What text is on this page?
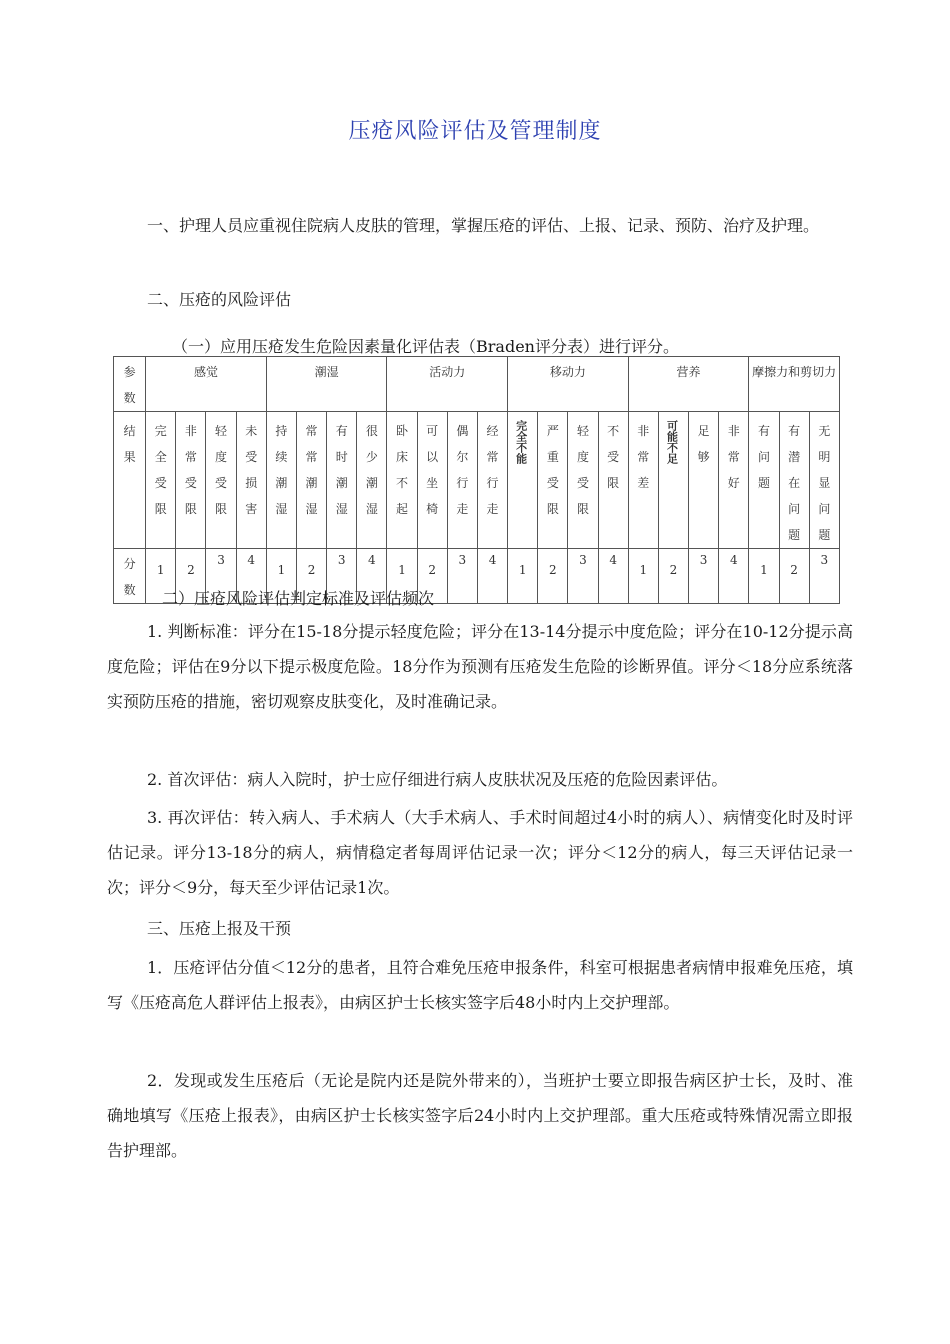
压疮风险评估及管理制度

一、护理人员应重视住院病人皮肤的管理，掌握压疮的评估、上报、记录、预防、治疗及护理。

二、压疮的风险评估

（一）应用压疮发生危险因素量化评估表（Braden评分表）进行评分。
参数	感觉				潮湿				活动力				移动力				营养				摩擦力和剪切力		
结果	完全受限	非常受限	轻度受限	未受损害	持续潮湿	常常潮湿	有时潮湿	很少潮湿	卧床不起	可以坐椅	偶尔行走	经常行走	完全不能	严重受限	轻度受限	不受限	非常差	可能不足	足够	非常好	有问题	有潜在问题	无明显问题
分数	1	2	3	4	1	2	3	4	1	2	3	4	1	2	3	4	1	2	3	4	1	2	3
二）压疮风险评估判定标准及评估频次

1. 判断标准：评分在15-18分提示轻度危险；评分在13-14分提示中度危险；评分在10-12分提示高度危险；评估在9分以下提示极度危险。18分作为预测有压疮发生危险的诊断界值。评分＜18分应系统落实预防压疮的措施，密切观察皮肤变化，及时准确记录。

2. 首次评估：病人入院时，护士应仔细进行病人皮肤状况及压疮的危险因素评估。

3. 再次评估：转入病人、手术病人（大手术病人、手术时间超过4小时的病人）、病情变化时及时评估记录。评分13-18分的病人，病情稳定者每周评估记录一次；评分＜12分的病人，每三天评估记录一次；评分＜9分，每天至少评估记录1次。

三、压疮上报及干预

1．压疮评估分值＜12分的患者，且符合难免压疮申报条件，科室可根据患者病情申报难免压疮，填写《压疮高危人群评估上报表》，由病区护士长核实签字后48小时内上交护理部。

2．发现或发生压疮后（无论是院内还是院外带来的），当班护士要立即报告病区护士长，及时、准确地填写《压疮上报表》，由病区护士长核实签字后24小时内上交护理部。重大压疮或特殊情况需立即报告护理部。
